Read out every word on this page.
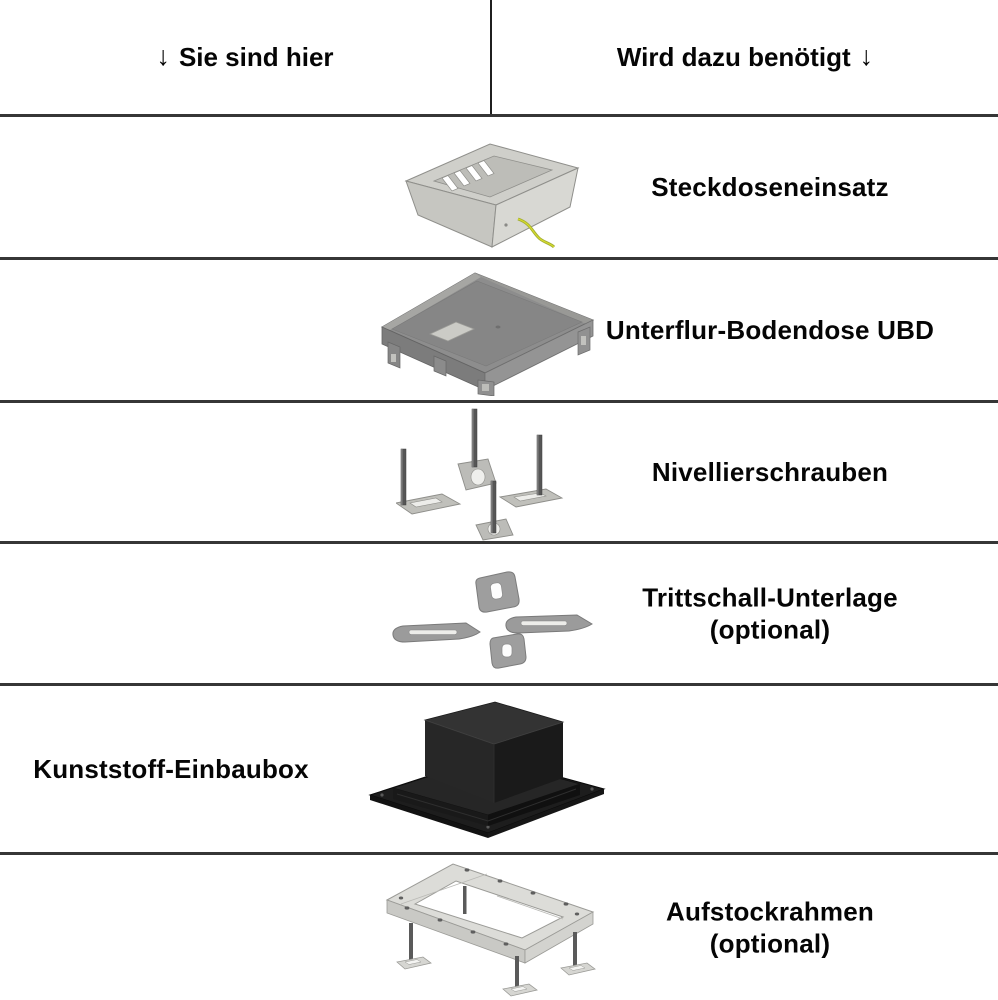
↓ Sie sind hier	Wird dazu benötigt ↓
Steckdoseneinsatz
Unterflur-Bodendose UBD
Nivellierschrauben
Trittschall-Unterlage
(optional)
Kunststoff-Einbaubox
Aufstockrahmen
(optional)
